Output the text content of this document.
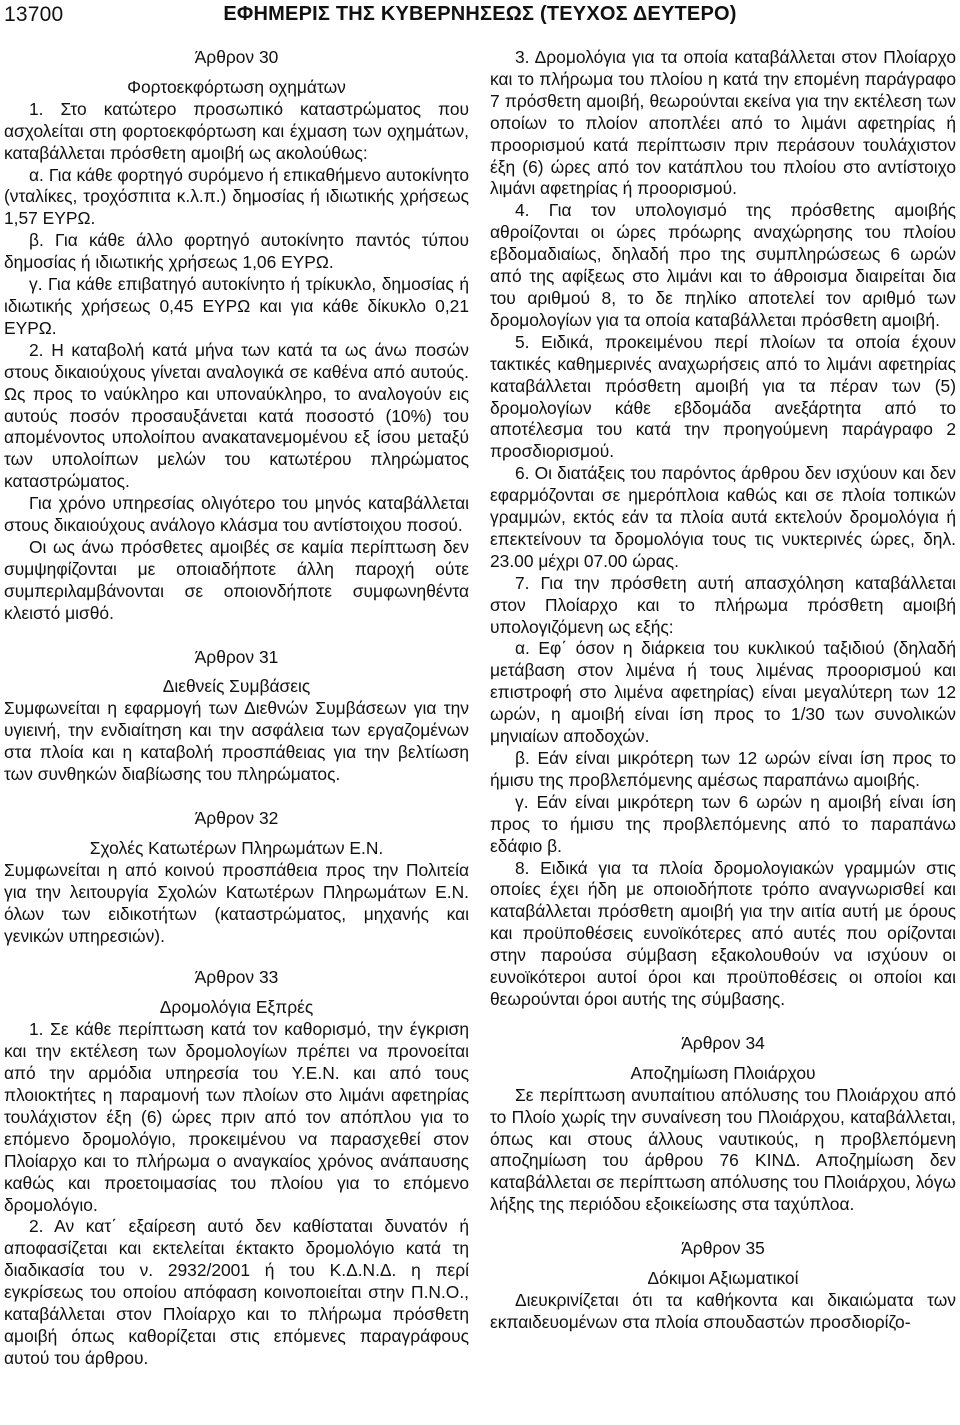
13700	ΕΦΗΜΕΡΙΣ ΤΗΣ ΚΥΒΕΡΝΗΣΕΩΣ (ΤΕΥΧΟΣ ΔΕΥΤΕΡΟ)

Άρθρον 30

Φορτοεκφόρτωση οχημάτων

1. Στο κατώτερο προσωπικό καταστρώματος που ασχολείται στη φορτοεκφόρτωση και έχμαση των οχημάτων, καταβάλλεται πρόσθετη αμοιβή ως ακολούθως:

α. Για κάθε φορτηγό συρόμενο ή επικαθήμενο αυτοκίνητο (νταλίκες, τροχόσπιτα κ.λ.π.) δημοσίας ή ιδιωτικής χρήσεως 1,57 ΕΥΡΩ.

β. Για κάθε άλλο φορτηγό αυτοκίνητο παντός τύπου δημοσίας ή ιδιωτικής χρήσεως 1,06 ΕΥΡΩ.

γ. Για κάθε επιβατηγό αυτοκίνητο ή τρίκυκλο, δημοσίας ή ιδιωτικής χρήσεως 0,45 ΕΥΡΩ και για κάθε δίκυκλο 0,21 ΕΥΡΩ.

2. Η καταβολή κατά μήνα των κατά τα ως άνω ποσών στους δικαιούχους γίνεται αναλογικά σε καθένα από αυτούς. Ως προς το ναύκληρο και υποναύκληρο, το αναλογούν εις αυτούς ποσόν προσαυξάνεται κατά ποσοστό (10%) του απομένοντος υπολοίπου ανακατανεμομένου εξ ίσου μεταξύ των υπολοίπων μελών του κατωτέρου πληρώματος καταστρώματος.

Για χρόνο υπηρεσίας ολιγότερο του μηνός καταβάλλεται στους δικαιούχους ανάλογο κλάσμα του αντίστοιχου ποσού.

Οι ως άνω πρόσθετες αμοιβές σε καμία περίπτωση δεν συμψηφίζονται με οποιαδήποτε άλλη παροχή ούτε συμπεριλαμβάνονται σε οποιονδήποτε συμφωνηθέντα κλειστό μισθό.

Άρθρον 31

Διεθνείς Συμβάσεις

Συμφωνείται η εφαρμογή των Διεθνών Συμβάσεων για την υγιεινή, την ενδιαίτηση και την ασφάλεια των εργαζομένων στα πλοία και η καταβολή προσπάθειας για την βελτίωση των συνθηκών διαβίωσης του πληρώματος.

Άρθρον 32

Σχολές Κατωτέρων Πληρωμάτων Ε.Ν.

Συμφωνείται η από κοινού προσπάθεια προς την Πολιτεία για την λειτουργία Σχολών Κατωτέρων Πληρωμάτων Ε.Ν. όλων των ειδικοτήτων (καταστρώματος, μηχανής και γενικών υπηρεσιών).

Άρθρον 33

Δρομολόγια Εξπρές

1. Σε κάθε περίπτωση κατά τον καθορισμό, την έγκριση και την εκτέλεση των δρομολογίων πρέπει να προνοείται από την αρμόδια υπηρεσία του Υ.Ε.Ν. και από τους πλοιοκτήτες η παραμονή των πλοίων στο λιμάνι αφετηρίας τουλάχιστον έξη (6) ώρες πριν από τον απόπλου για το επόμενο δρομολόγιο, προκειμένου να παρασχεθεί στον Πλοίαρχο και το πλήρωμα ο αναγκαίος χρόνος ανάπαυσης καθώς και προετοιμασίας του πλοίου για το επόμενο δρομολόγιο.

2. Αν κατ΄ εξαίρεση αυτό δεν καθίσταται δυνατόν ή αποφασίζεται και εκτελείται έκτακτο δρομολόγιο κατά τη διαδικασία του ν. 2932/2001 ή του Κ.Δ.Ν.Δ. η περί εγκρίσεως του οποίου απόφαση κοινοποιείται στην Π.Ν.Ο., καταβάλλεται στον Πλοίαρχο και το πλήρωμα πρόσθετη αμοιβή όπως καθορίζεται στις επόμενες παραγράφους αυτού του άρθρου.

3. Δρομολόγια για τα οποία καταβάλλεται στον Πλοίαρχο και το πλήρωμα του πλοίου η κατά την επομένη παράγραφο 7 πρόσθετη αμοιβή, θεωρούνται εκείνα για την εκτέλεση των οποίων το πλοίον αποπλέει από το λιμάνι αφετηρίας ή προορισμού κατά περίπτωσιν πριν περάσουν τουλάχιστον έξη (6) ώρες από τον κατάπλου του πλοίου στο αντίστοιχο λιμάνι αφετηρίας ή προορισμού.

4. Για τον υπολογισμό της πρόσθετης αμοιβής αθροίζονται οι ώρες πρόωρης αναχώρησης του πλοίου εβδομαδιαίως, δηλαδή προ της συμπληρώσεως 6 ωρών από της αφίξεως στο λιμάνι και το άθροισμα διαιρείται δια του αριθμού 8, το δε πηλίκο αποτελεί τον αριθμό των δρομολογίων για τα οποία καταβάλλεται πρόσθετη αμοιβή.

5. Ειδικά, προκειμένου περί πλοίων τα οποία έχουν τακτικές καθημερινές αναχωρήσεις από το λιμάνι αφετηρίας καταβάλλεται πρόσθετη αμοιβή για τα πέραν των (5) δρομολογίων κάθε εβδομάδα ανεξάρτητα από το αποτέλεσμα του κατά την προηγούμενη παράγραφο 2 προσδιορισμού.

6. Οι διατάξεις του παρόντος άρθρου δεν ισχύουν και δεν εφαρμόζονται σε ημερόπλοια καθώς και σε πλοία τοπικών γραμμών, εκτός εάν τα πλοία αυτά εκτελούν δρομολόγια ή επεκτείνουν τα δρομολόγια τους τις νυκτερινές ώρες, δηλ. 23.00 μέχρι 07.00 ώρας.

7. Για την πρόσθετη αυτή απασχόληση καταβάλλεται στον Πλοίαρχο και το πλήρωμα πρόσθετη αμοιβή υπολογιζόμενη ως εξής:

α. Εφ΄ όσον η διάρκεια του κυκλικού ταξιδιού (δηλαδή μετάβαση στον λιμένα ή τους λιμένας προορισμού και επιστροφή στο λιμένα αφετηρίας) είναι μεγαλύτερη των 12 ωρών, η αμοιβή είναι ίση προς το 1/30 των συνολικών μηνιαίων αποδοχών.

β. Εάν είναι μικρότερη των 12 ωρών είναι ίση προς το ήμισυ της προβλεπόμενης αμέσως παραπάνω αμοιβής.

γ. Εάν είναι μικρότερη των 6 ωρών η αμοιβή είναι ίση προς το ήμισυ της προβλεπόμενης από το παραπάνω εδάφιο β.

8. Ειδικά για τα πλοία δρομολογιακών γραμμών στις οποίες έχει ήδη με οποιοδήποτε τρόπο αναγνωρισθεί και καταβάλλεται πρόσθετη αμοιβή για την αιτία αυτή με όρους και προϋποθέσεις ευνοϊκότερες από αυτές που ορίζονται στην παρούσα σύμβαση εξακολουθούν να ισχύουν οι ευνοϊκότεροι αυτοί όροι και προϋποθέσεις οι οποίοι και θεωρούνται όροι αυτής της σύμβασης.

Άρθρον 34

Αποζημίωση Πλοιάρχου

Σε περίπτωση ανυπαίτιου απόλυσης του Πλοιάρχου από το Πλοίο χωρίς την συναίνεση του Πλοιάρχου, καταβάλλεται, όπως και στους άλλους ναυτικούς, η προβλεπόμενη αποζημίωση του άρθρου 76 ΚΙΝΔ. Αποζημίωση δεν καταβάλλεται σε περίπτωση απόλυσης του Πλοιάρχου, λόγω λήξης της περιόδου εξοικείωσης στα ταχύπλοα.

Άρθρον 35

Δόκιμοι Αξιωματικοί

Διευκρινίζεται ότι τα καθήκοντα και δικαιώματα των εκπαιδευομένων στα πλοία σπουδαστών προσδιορίζο-
